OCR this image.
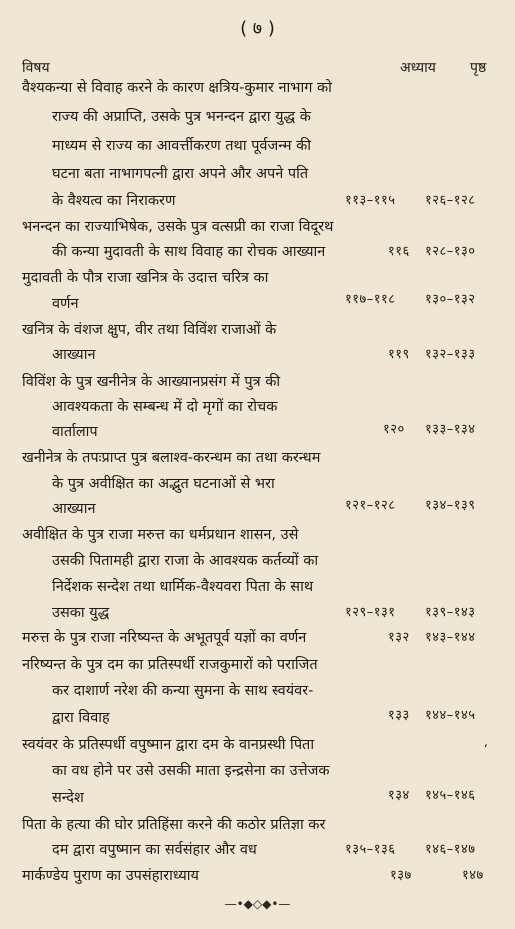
( ७ )
विषय	अध्याय पृष्ठ
वैश्यकन्या से विवाह करने के कारण क्षत्रिय-कुमार नाभाग को
राज्य की अप्राप्ति, उसके पुत्र भनन्दन द्वारा युद्ध के
माध्यम से राज्य का आवर्त्तीकरण तथा पूर्वजन्म की
घटना बता नाभागपत्नी द्वारा अपने और अपने पति
के वैश्यत्व का निराकरण	११३–११५ १२६–१२८
भनन्दन का राज्याभिषेक, उसके पुत्र वत्सप्री का राजा विदूरथ
की कन्या मुदावती के साथ विवाह का रोचक आख्यान	११६ १२८–१३०
मुदावती के पौत्र राजा खनित्र के उदात्त चरित्र का
वर्णन	११७–११८ १३०–१३२
खनित्र के वंशज क्षुप, वीर तथा विविंश राजाओं के
आख्यान	११९ १३२–१३३
विविंश के पुत्र खनीनेत्र के आख्यानप्रसंग में पुत्र की
आवश्यकता के सम्बन्ध में दो मृगों का रोचक
वार्तालाप	१२० १३३–१३४
खनीनेत्र के तपःप्राप्त पुत्र बलाश्व-करन्धम का तथा करन्धम
के पुत्र अवीक्षित का अद्भुत घटनाओं से भरा
आख्यान	१२१–१२८ १३४–१३९
अवीक्षित के पुत्र राजा मरुत्त का धर्मप्रधान शासन, उसे
उसकी पितामही द्वारा राजा के आवश्यक कर्तव्यों का
निर्देशक सन्देश तथा धार्मिक-वैश्यवरा पिता के साथ
उसका युद्ध	१२९–१३१ १३९–१४३
मरुत्त के पुत्र राजा नरिष्यन्त के अभूतपूर्व यज्ञों का वर्णन	१३२ १४३–१४४
नरिष्यन्त के पुत्र दम का प्रतिस्पर्धी राजकुमारों को पराजित
कर दाशार्ण नरेश की कन्या सुमना के साथ स्वयंवर-
द्वारा विवाह	१३३ १४४–१४५
स्वयंवर के प्रतिस्पर्धी वपुष्मान द्वारा दम के वानप्रस्थी पिता
का वध होने पर उसे उसकी माता इन्द्रसेना का उत्तेजक
सन्देश	१३४ १४५–१४६
ʻ
पिता के हत्या की घोर प्रतिहिंसा करने की कठोर प्रतिज्ञा कर
दम द्वारा वपुष्मान का सर्वसंहार और वध	१३५–१३६ १४६–१४७
मार्कण्डेय पुराण का उपसंहाराध्याय	१३७	१४७
—•◆◇◆•—
